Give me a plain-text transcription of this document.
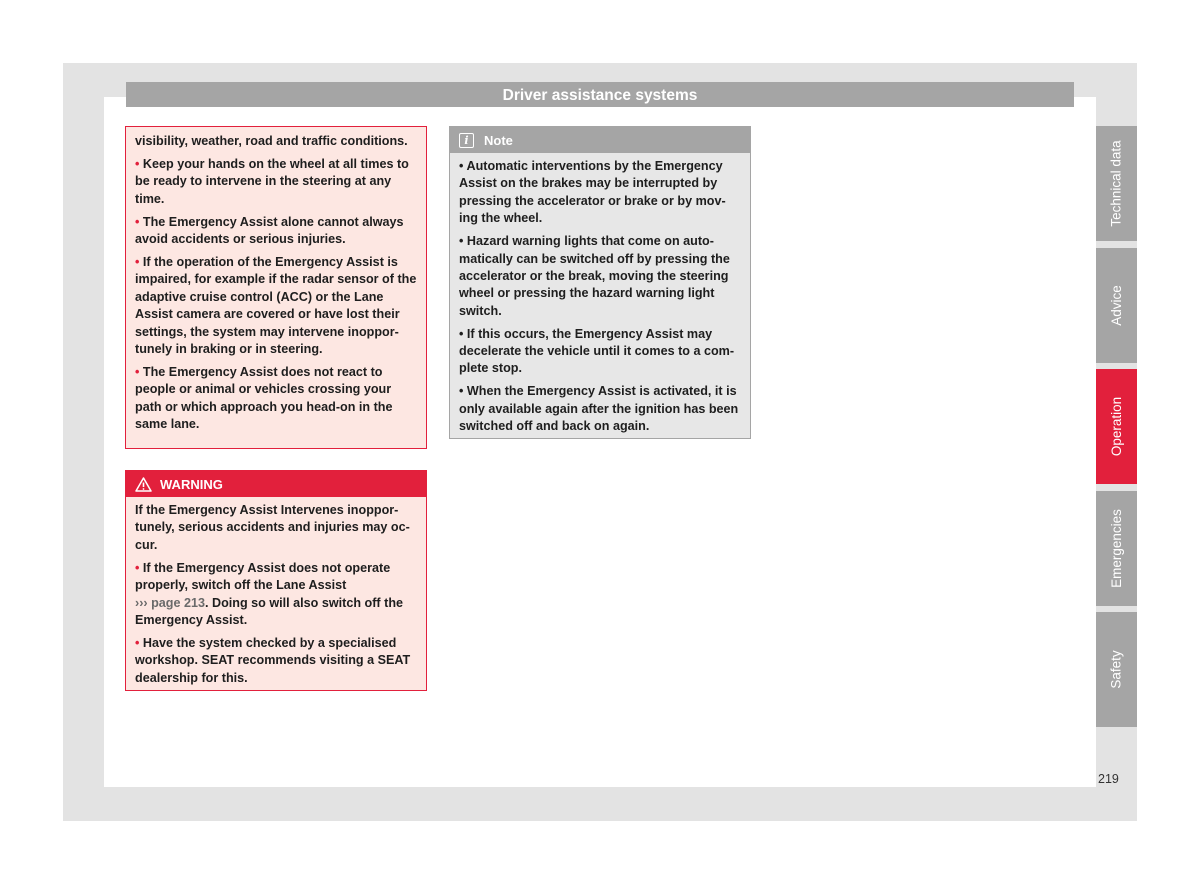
Driver assistance systems

visibility, weather, road and traffic conditions.

• Keep your hands on the wheel at all times to be ready to intervene in the steering at any time.

• The Emergency Assist alone cannot always avoid accidents or serious injuries.

• If the operation of the Emergency Assist is impaired, for example if the radar sensor of the adaptive cruise control (ACC) or the Lane Assist camera are covered or have lost their settings, the system may intervene inoppor-tunely in braking or in steering.

• The Emergency Assist does not react to people or animal or vehicles crossing your path or which approach you head-on in the same lane.

WARNING

If the Emergency Assist Intervenes inoppor-tunely, serious accidents and injuries may oc-cur.

• If the Emergency Assist does not operate properly, switch off the Lane Assist
››› page 213. Doing so will also switch off the Emergency Assist.

• Have the system checked by a specialised workshop. SEAT recommends visiting a SEAT dealership for this.

i	Note

• Automatic interventions by the Emergency Assist on the brakes may be interrupted by pressing the accelerator or brake or by mov-ing the wheel.

• Hazard warning lights that come on auto-matically can be switched off by pressing the accelerator or the break, moving the steering wheel or pressing the hazard warning light switch.

• If this occurs, the Emergency Assist may decelerate the vehicle until it comes to a com-plete stop.

• When the Emergency Assist is activated, it is only available again after the ignition has been switched off and back on again.

Technical data
Advice
Operation
Emergencies
Safety
219
